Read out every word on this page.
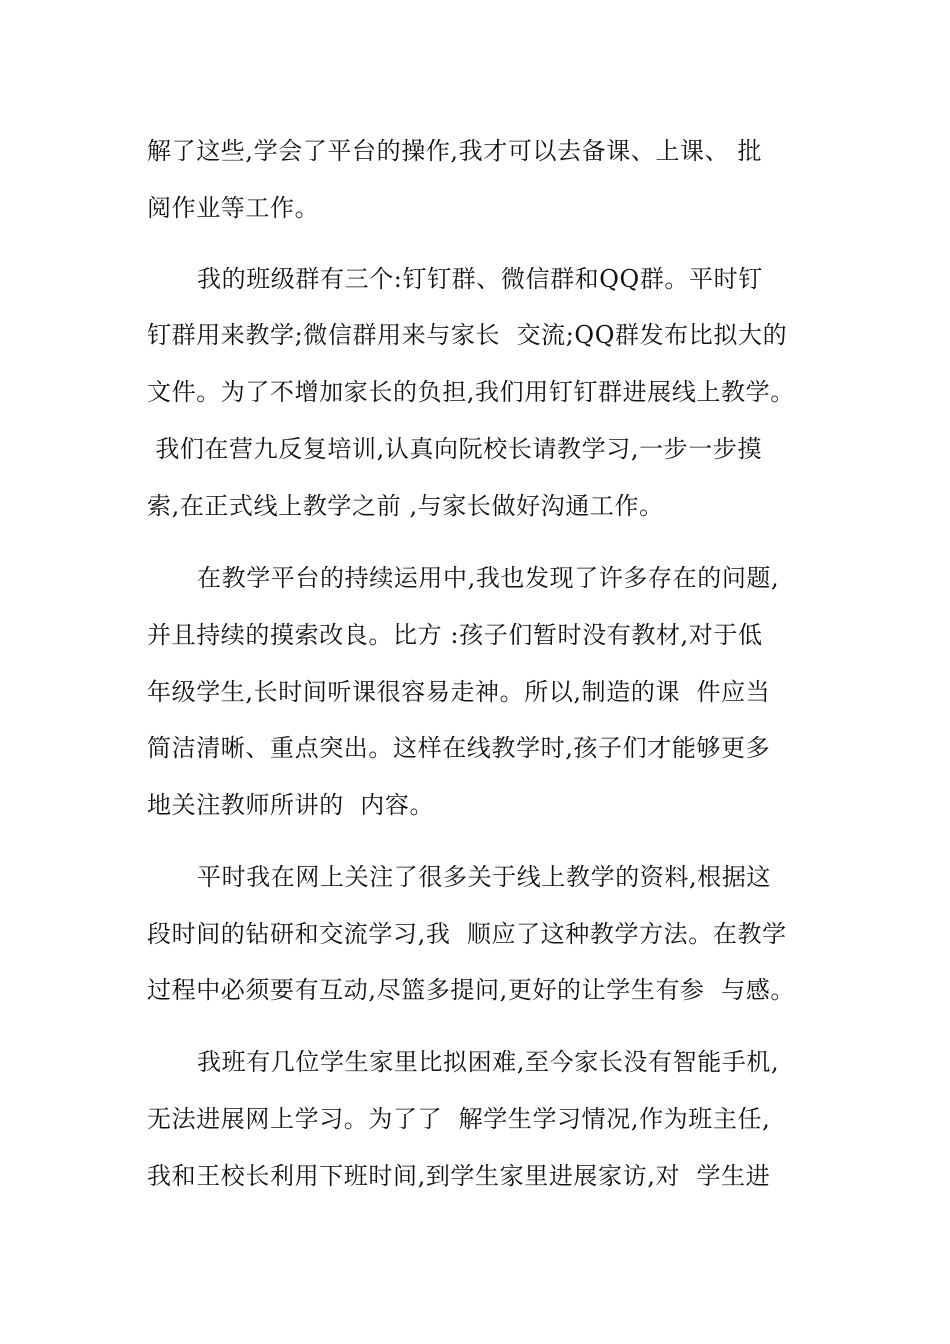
解了这些,学会了平台的操作,我才可以去备课、上课、 批
阅作业等工作。
我的班级群有三个:钉钉群、微信群和QQ群。平时钉
钉群用来教学;微信群用来与家长  交流;QQ群发布比拟大的
文件。为了不增加家长的负担,我们用钉钉群进展线上教学。
我们在营九反复培训,认真向阮校长请教学习,一步一步摸
索,在正式线上教学之前 ,与家长做好沟通工作。
在教学平台的持续运用中,我也发现了许多存在的问题,
并且持续的摸索改良。比方 :孩子们暂时没有教材,对于低
年级学生,长时间听课很容易走神。所以,制造的课  件应当
简洁清晰、重点突出。这样在线教学时,孩子们才能够更多
地关注教师所讲的  内容。
平时我在网上关注了很多关于线上教学的资料,根据这
段时间的钻研和交流学习,我  顺应了这种教学方法。在教学
过程中必须要有互动,尽篮多提问,更好的让学生有参  与感。
我班有几位学生家里比拟困难,至今家长没有智能手机,
无法进展网上学习。为了了  解学生学习情况,作为班主任,
我和王校长利用下班时间,到学生家里进展家访,对  学生进
